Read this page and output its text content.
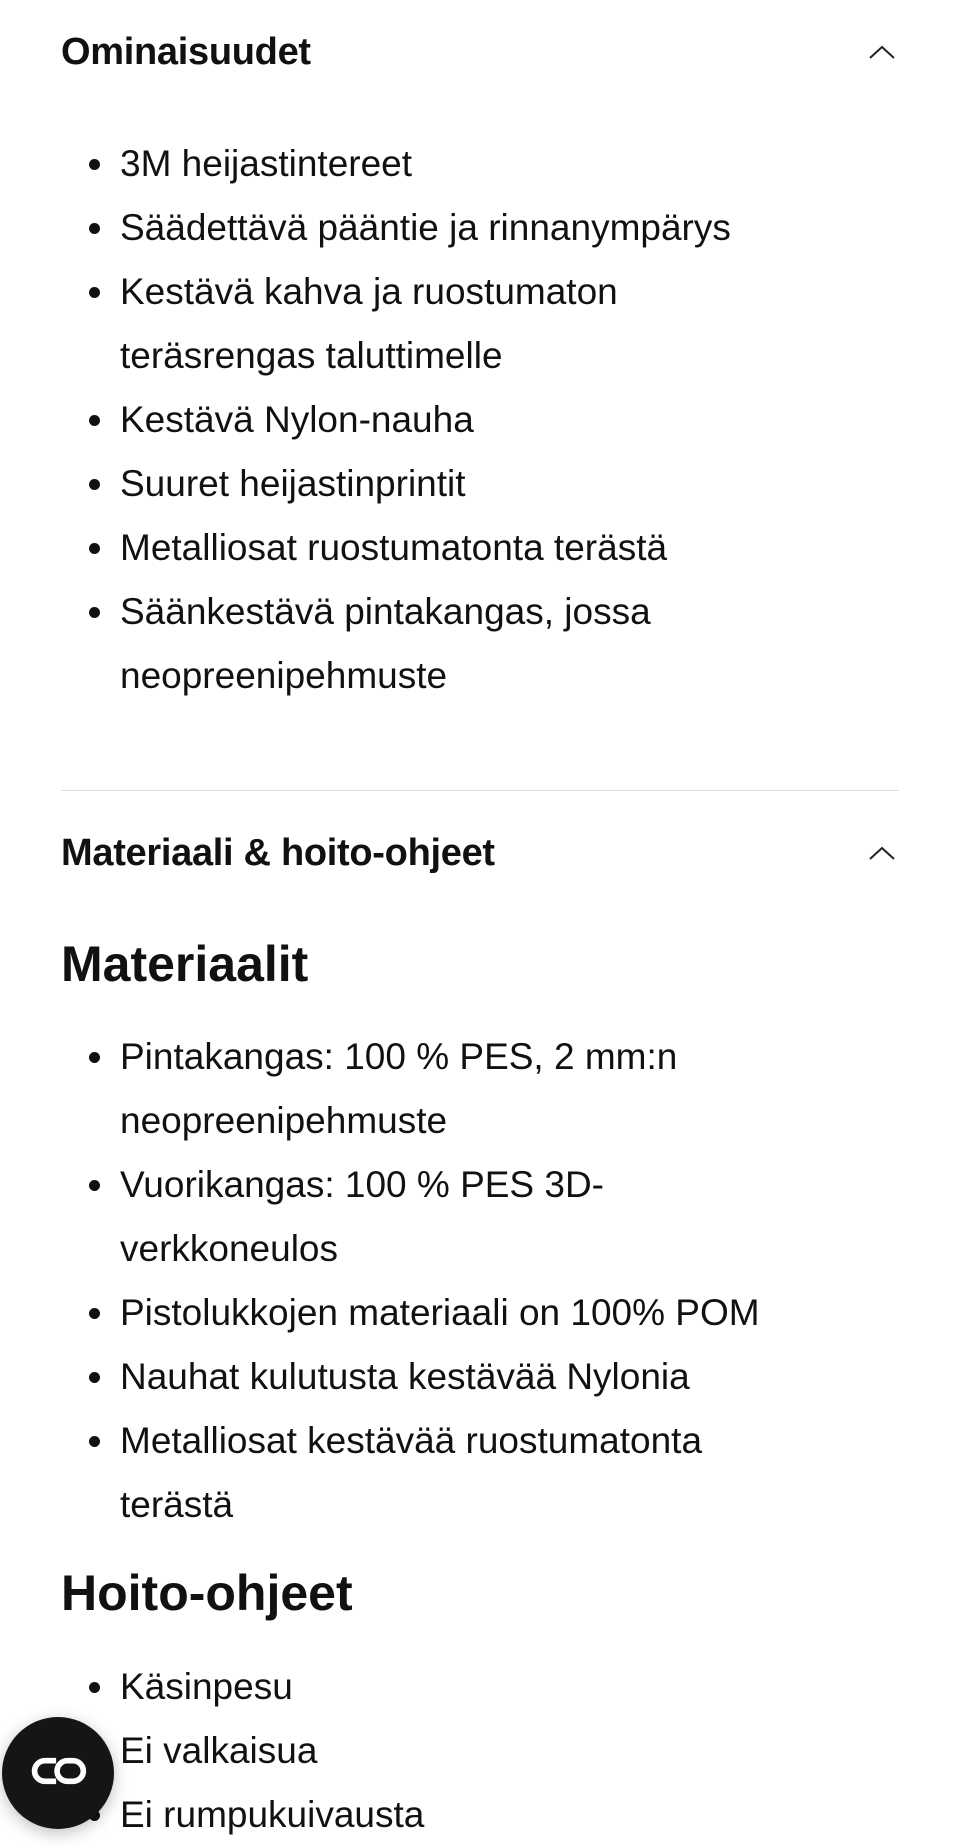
Ominaisuudet
3M heijastintereet
Säädettävä pääntie ja rinnanympärys
Kestävä kahva ja ruostumaton teräsrengas taluttimelle
Kestävä Nylon-nauha
Suuret heijastinprintit
Metalliosat ruostumatonta terästä
Säänkestävä pintakangas, jossa neopreenipehmuste
Materiaali & hoito-ohjeet
Materiaalit
Pintakangas: 100 % PES, 2 mm:n neopreenipehmuste
Vuorikangas: 100 % PES 3D-verkkoneulos
Pistolukkojen materiaali on 100% POM
Nauhat kulutusta kestävää Nylonia
Metalliosat kestävää ruostumatonta terästä
Hoito-ohjeet
Käsinpesu
Ei valkaisua
Ei rumpukuivausta
